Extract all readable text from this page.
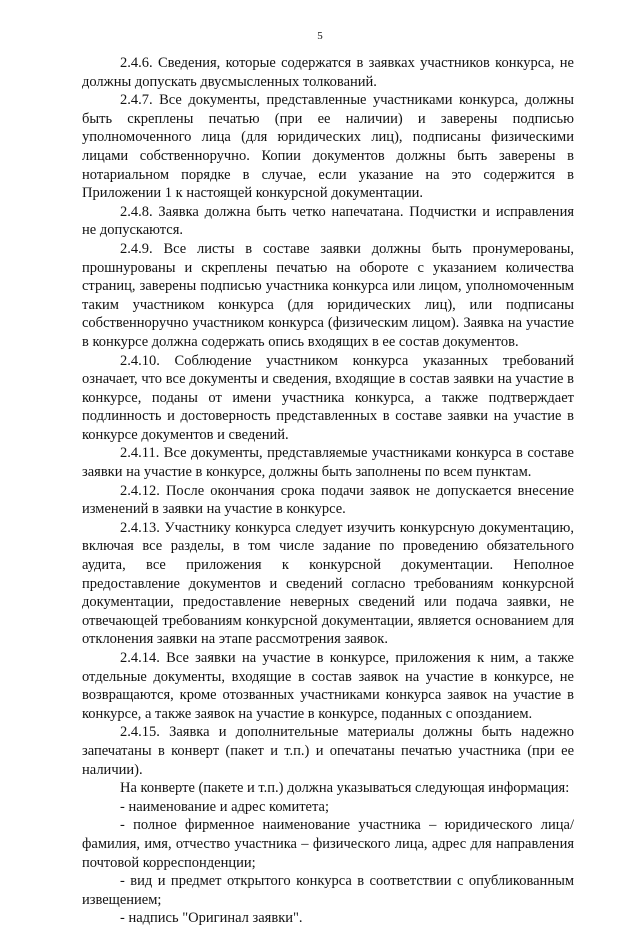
5

2.4.6. Сведения, которые содержатся в заявках участников конкурса, не должны допускать двусмысленных толкований.

2.4.7. Все документы, представленные участниками конкурса, должны быть скреплены печатью (при ее наличии) и заверены подписью уполномоченного лица (для юридических лиц), подписаны физическими лицами собственноручно. Копии документов должны быть заверены в нотариальном порядке в случае, если указание на это содержится в Приложении 1 к настоящей конкурсной документации.

2.4.8. Заявка должна быть четко напечатана. Подчистки и исправления не допускаются.

2.4.9. Все листы в составе заявки должны быть пронумерованы, прошнурованы и скреплены печатью на обороте с указанием количества страниц, заверены подписью участника конкурса или лицом, уполномоченным таким участником конкурса (для юридических лиц), или подписаны собственноручно участником конкурса (физическим лицом). Заявка на участие в конкурсе должна содержать опись входящих в ее состав документов.

2.4.10. Соблюдение участником конкурса указанных требований означает, что все документы и сведения, входящие в состав заявки на участие в конкурсе, поданы от имени участника конкурса, а также подтверждает подлинность и достоверность представленных в составе заявки на участие в конкурсе документов и сведений.

2.4.11. Все документы, представляемые участниками конкурса в составе заявки на участие в конкурсе, должны быть заполнены по всем пунктам.

2.4.12. После окончания срока подачи заявок не допускается внесение изменений в заявки на участие в конкурсе.

2.4.13. Участнику конкурса следует изучить конкурсную документацию, включая все разделы, в том числе задание по проведению обязательного аудита, все приложения к конкурсной документации. Неполное предоставление документов и сведений согласно требованиям конкурсной документации, предоставление неверных сведений или подача заявки, не отвечающей требованиям конкурсной документации, является основанием для отклонения заявки на этапе рассмотрения заявок.

2.4.14. Все заявки на участие в конкурсе, приложения к ним, а также отдельные документы, входящие в состав заявок на участие в конкурсе, не возвращаются, кроме отозванных участниками конкурса заявок на участие в конкурсе, а также заявок на участие в конкурсе, поданных с опозданием.

2.4.15. Заявка и дополнительные материалы должны быть надежно запечатаны в конверт (пакет и т.п.) и опечатаны печатью участника (при ее наличии).

На конверте (пакете и т.п.) должна указываться следующая информация:

- наименование и адрес комитета;

- полное фирменное наименование участника – юридического лица/фамилия, имя, отчество участника – физического лица, адрес для направления почтовой корреспонденции;

- вид и предмет открытого конкурса в соответствии с опубликованным извещением;

- надпись "Оригинал заявки".
